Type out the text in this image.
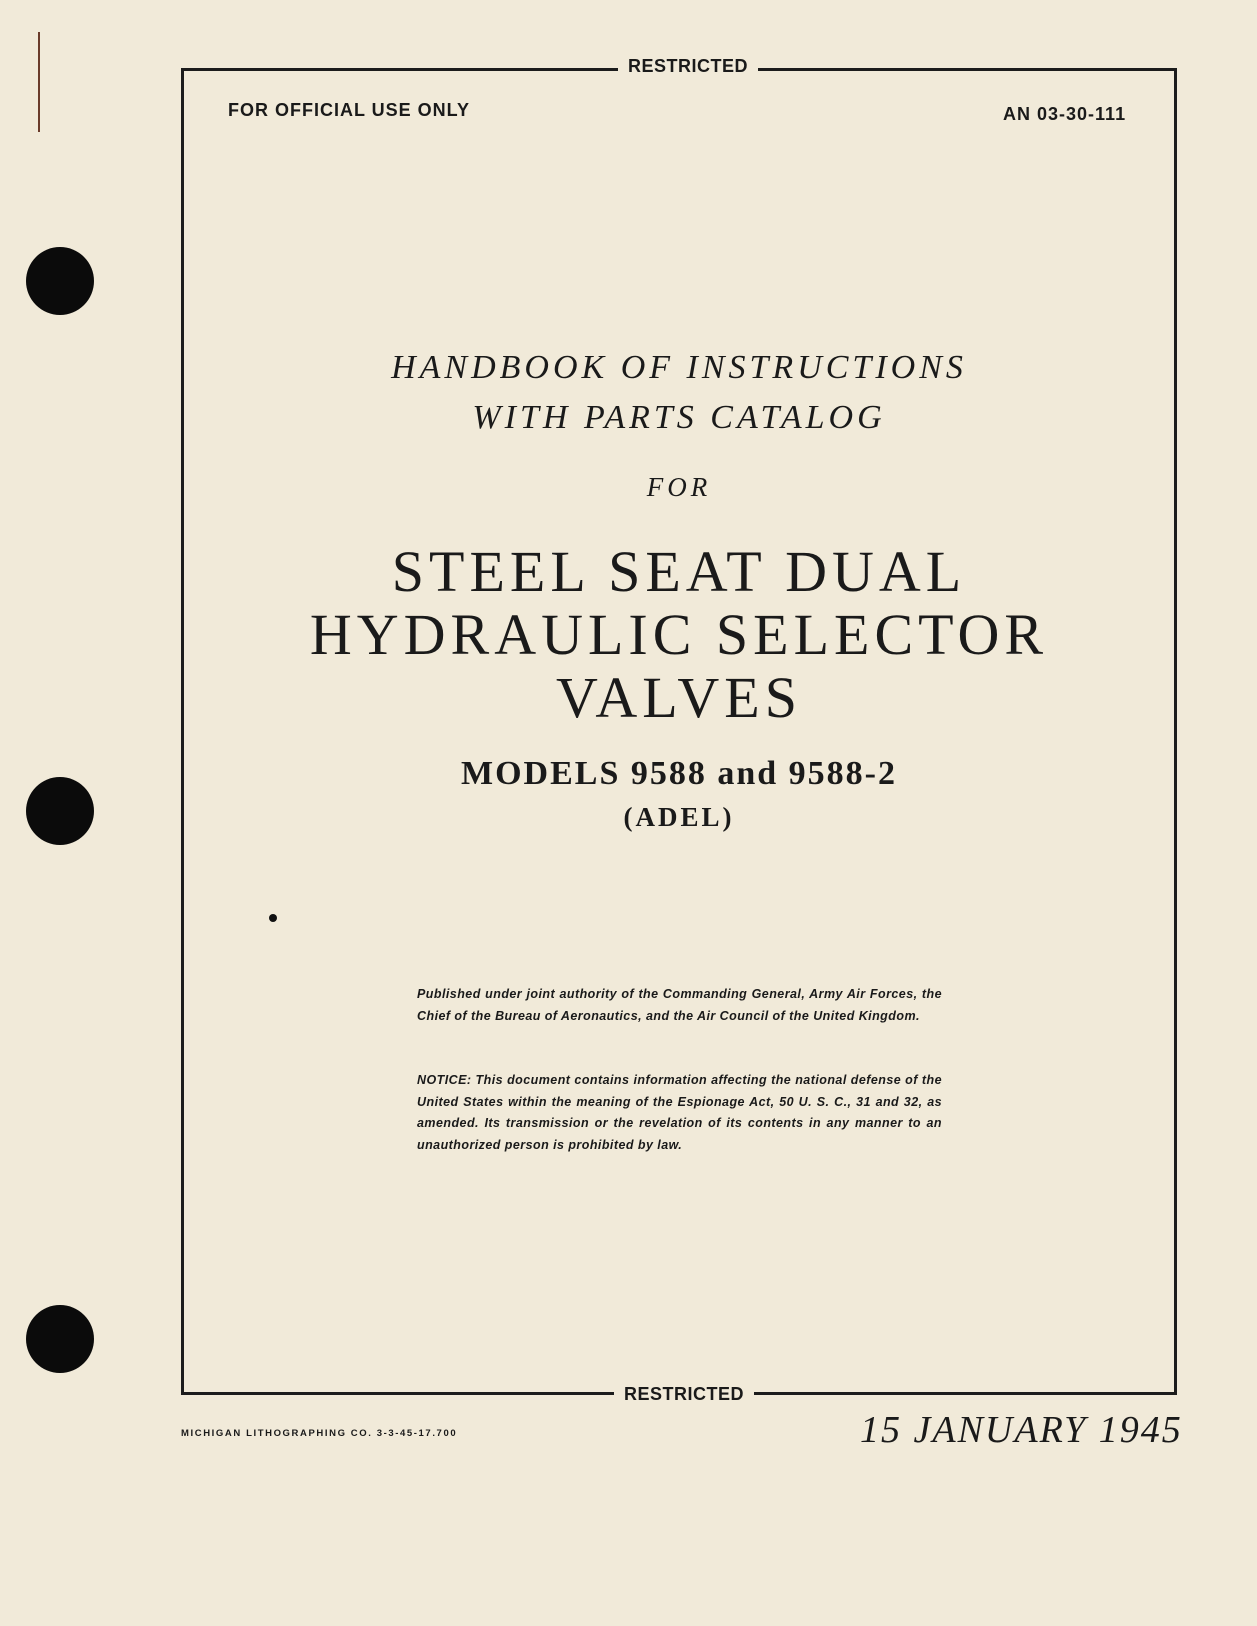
RESTRICTED
RESTRICTED
FOR OFFICIAL USE ONLY	AN 03-30-111
HANDBOOK OF INSTRUCTIONS
WITH PARTS CATALOG
FOR
STEEL SEAT DUAL
HYDRAULIC SELECTOR
VALVES
MODELS 9588 and 9588-2
(ADEL)
Published under joint authority of the Commanding General, Army Air Forces, the Chief of the Bureau of Aeronautics, and the Air Council of the United Kingdom.
NOTICE: This document contains information affecting the national defense of the United States within the meaning of the Espionage Act, 50 U. S. C., 31 and 32, as amended. Its transmission or the revelation of its contents in any manner to an unauthorized person is prohibited by law.
MICHIGAN LITHOGRAPHING CO. 3-3-45-17.700	15 JANUARY 1945
